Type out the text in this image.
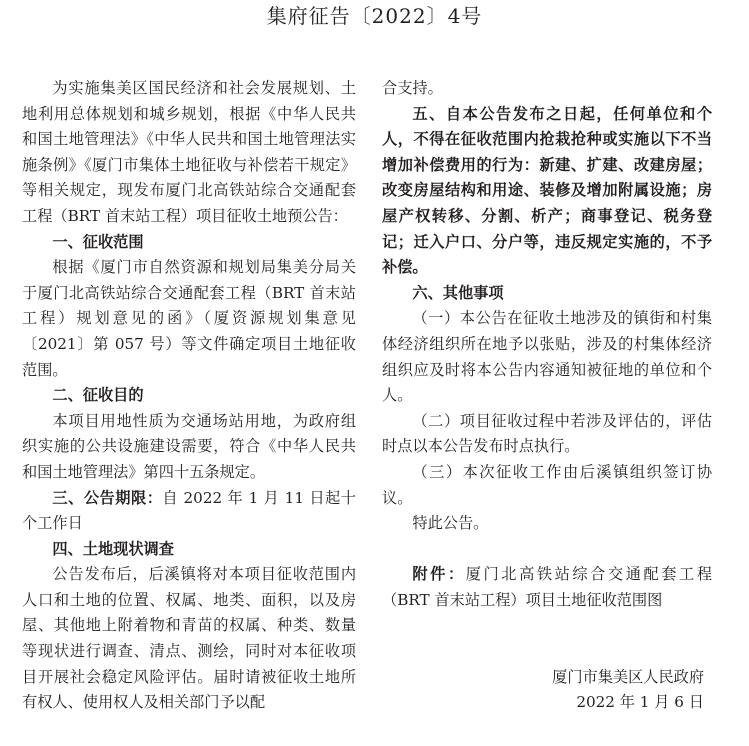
集府征告〔2022〕4号

为实施集美区国民经济和社会发展规划、土地利用总体规划和城乡规划，根据《中华人民共和国土地管理法》《中华人民共和国土地管理法实施条例》《厦门市集体土地征收与补偿若干规定》等相关规定，现发布厦门北高铁站综合交通配套工程（BRT 首末站工程）项目征收土地预公告：

一、征收范围

根据《厦门市自然资源和规划局集美分局关于厦门北高铁站综合交通配套工程（BRT 首末站工程）规划意见的函》（厦资源规划集意见〔2021〕第 057 号）等文件确定项目土地征收范围。

二、征收目的

本项目用地性质为交通场站用地，为政府组织实施的公共设施建设需要，符合《中华人民共和国土地管理法》第四十五条规定。

三、公告期限：自 2022 年 1 月 11 日起十个工作日

四、土地现状调查

公告发布后，后溪镇将对本项目征收范围内人口和土地的位置、权属、地类、面积，以及房屋、其他地上附着物和青苗的权属、种类、数量等现状进行调查、清点、测绘，同时对本征收项目开展社会稳定风险评估。届时请被征收土地所有权人、使用权人及相关部门予以配

合支持。

五、自本公告发布之日起，任何单位和个人，不得在征收范围内抢栽抢种或实施以下不当增加补偿费用的行为：新建、扩建、改建房屋；改变房屋结构和用途、装修及增加附属设施；房屋产权转移、分割、析产；商事登记、税务登记；迁入户口、分户等，违反规定实施的，不予补偿。

六、其他事项

（一）本公告在征收土地涉及的镇街和村集体经济组织所在地予以张贴，涉及的村集体经济组织应及时将本公告内容通知被征地的单位和个人。

（二）项目征收过程中若涉及评估的，评估时点以本公告发布时点执行。

（三）本次征收工作由后溪镇组织签订协议。

特此公告。

附件：厦门北高铁站综合交通配套工程（BRT 首末站工程）项目土地征收范围图

厦门市集美区人民政府

2022 年 1 月 6 日
